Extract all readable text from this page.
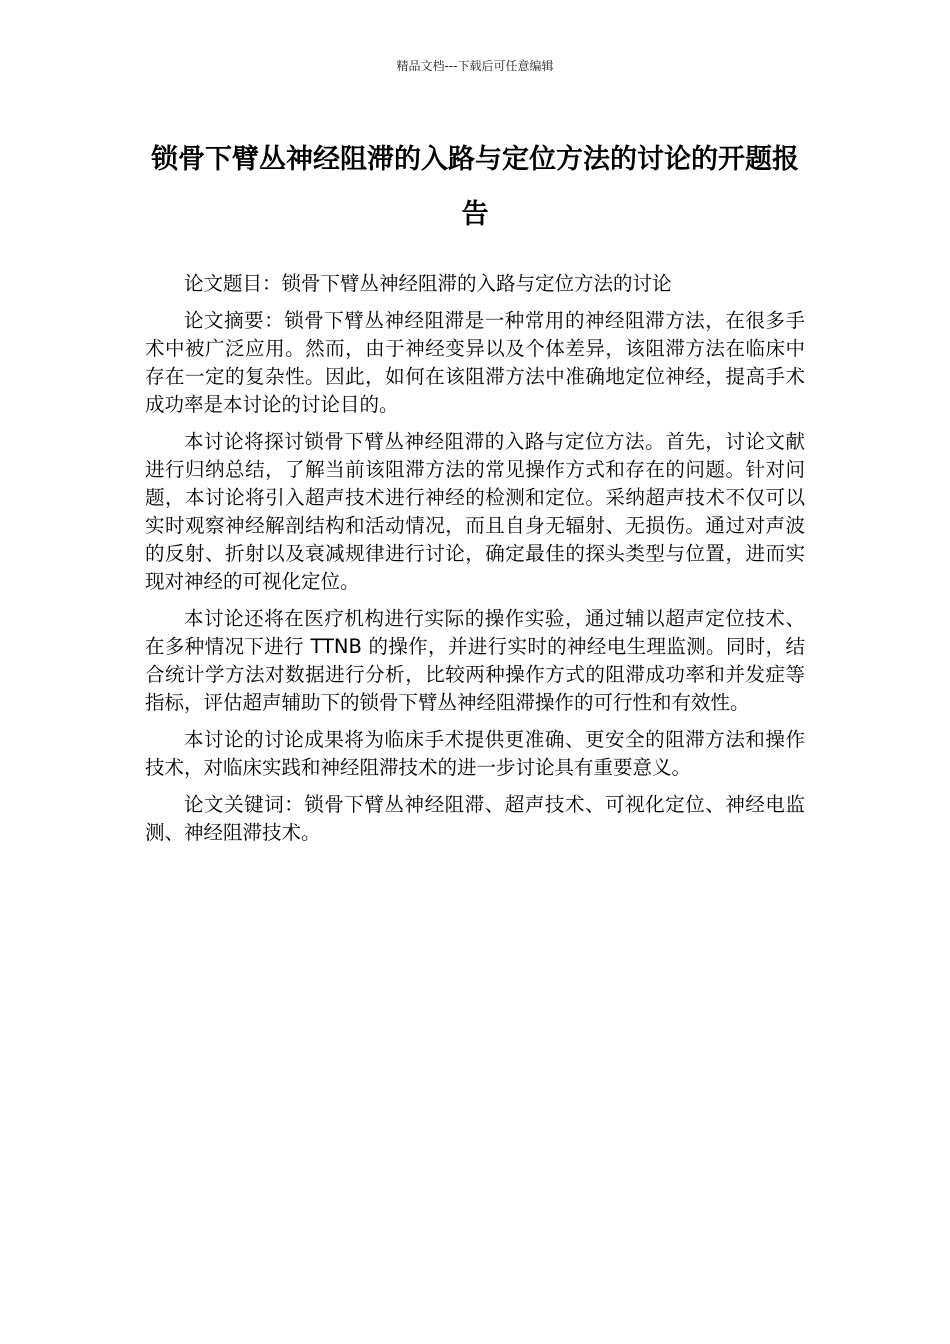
精品文档---下载后可任意编辑
锁骨下臂丛神经阻滞的入路与定位方法的讨论的开题报告

论文题目：锁骨下臂丛神经阻滞的入路与定位方法的讨论

论文摘要：锁骨下臂丛神经阻滞是一种常用的神经阻滞方法，在很多手术中被广泛应用。然而，由于神经变异以及个体差异，该阻滞方法在临床中存在一定的复杂性。因此，如何在该阻滞方法中准确地定位神经，提高手术成功率是本讨论的讨论目的。

本讨论将探讨锁骨下臂丛神经阻滞的入路与定位方法。首先，讨论文献进行归纳总结，了解当前该阻滞方法的常见操作方式和存在的问题。针对问题，本讨论将引入超声技术进行神经的检测和定位。采纳超声技术不仅可以实时观察神经解剖结构和活动情况，而且自身无辐射、无损伤。通过对声波的反射、折射以及衰减规律进行讨论，确定最佳的探头类型与位置，进而实现对神经的可视化定位。

本讨论还将在医疗机构进行实际的操作实验，通过辅以超声定位技术、在多种情况下进行 TTNB 的操作，并进行实时的神经电生理监测。同时，结合统计学方法对数据进行分析，比较两种操作方式的阻滞成功率和并发症等指标，评估超声辅助下的锁骨下臂丛神经阻滞操作的可行性和有效性。

本讨论的讨论成果将为临床手术提供更准确、更安全的阻滞方法和操作技术，对临床实践和神经阻滞技术的进一步讨论具有重要意义。

论文关键词：锁骨下臂丛神经阻滞、超声技术、可视化定位、神经电监测、神经阻滞技术。
